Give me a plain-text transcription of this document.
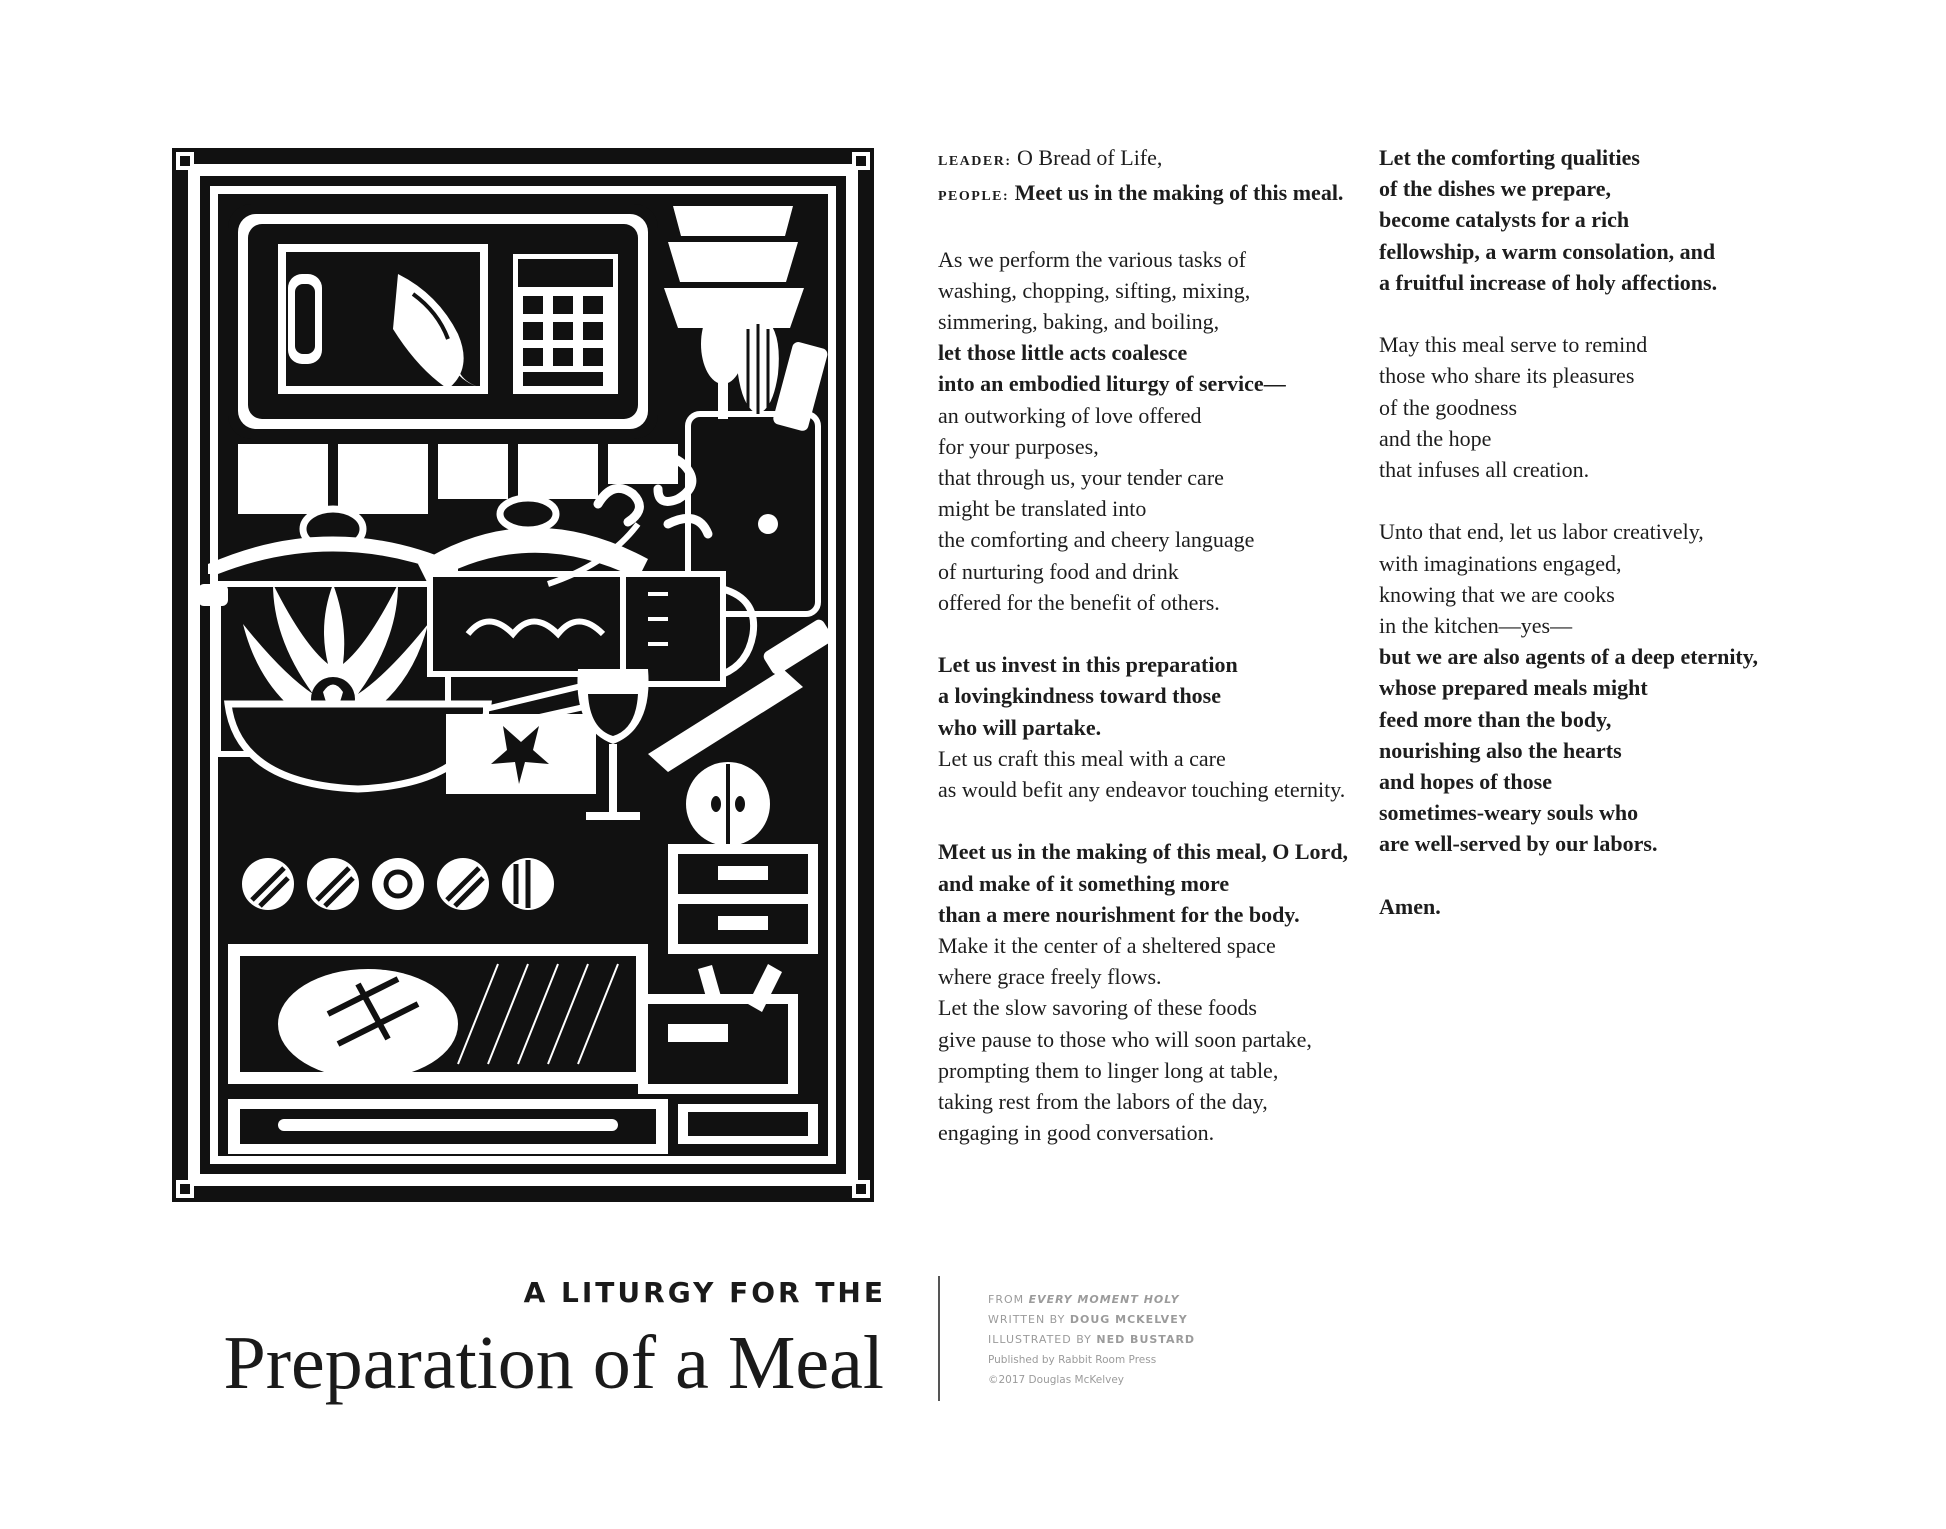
LEADER: O Bread of Life,
PEOPLE: Meet us in the making of this meal.

As we perform the various tasks of
washing, chopping, sifting, mixing,
simmering, baking, and boiling,
let those little acts coalesce
into an embodied liturgy of service—
an outworking of love offered
for your purposes,
that through us, your tender care
might be translated into
the comforting and cheery language
of nurturing food and drink
offered for the benefit of others.

Let us invest in this preparation
a lovingkindness toward those
who will partake.
Let us craft this meal with a care
as would befit any endeavor touching eternity.

Meet us in the making of this meal, O Lord,
and make of it something more
than a mere nourishment for the body.
Make it the center of a sheltered space
where grace freely flows.
Let the slow savoring of these foods
give pause to those who will soon partake,
prompting them to linger long at table,
taking rest from the labors of the day,
engaging in good conversation.

Let the comforting qualities
of the dishes we prepare,
become catalysts for a rich
fellowship, a warm consolation, and
a fruitful increase of holy affections.

May this meal serve to remind
those who share its pleasures
of the goodness
and the hope
that infuses all creation.

Unto that end, let us labor creatively,
with imaginations engaged,
knowing that we are cooks
in the kitchen—yes—
but we are also agents of a deep eternity,
whose prepared meals might
feed more than the body,
nourishing also the hearts
and hopes of those
sometimes-weary souls who
are well-served by our labors.

Amen.

A LITURGY FOR THE
Preparation of a Meal
FROM EVERY MOMENT HOLY
WRITTEN BY DOUG MCKELVEY
ILLUSTRATED BY NED BUSTARD
Published by Rabbit Room Press
©2017 Douglas McKelvey
